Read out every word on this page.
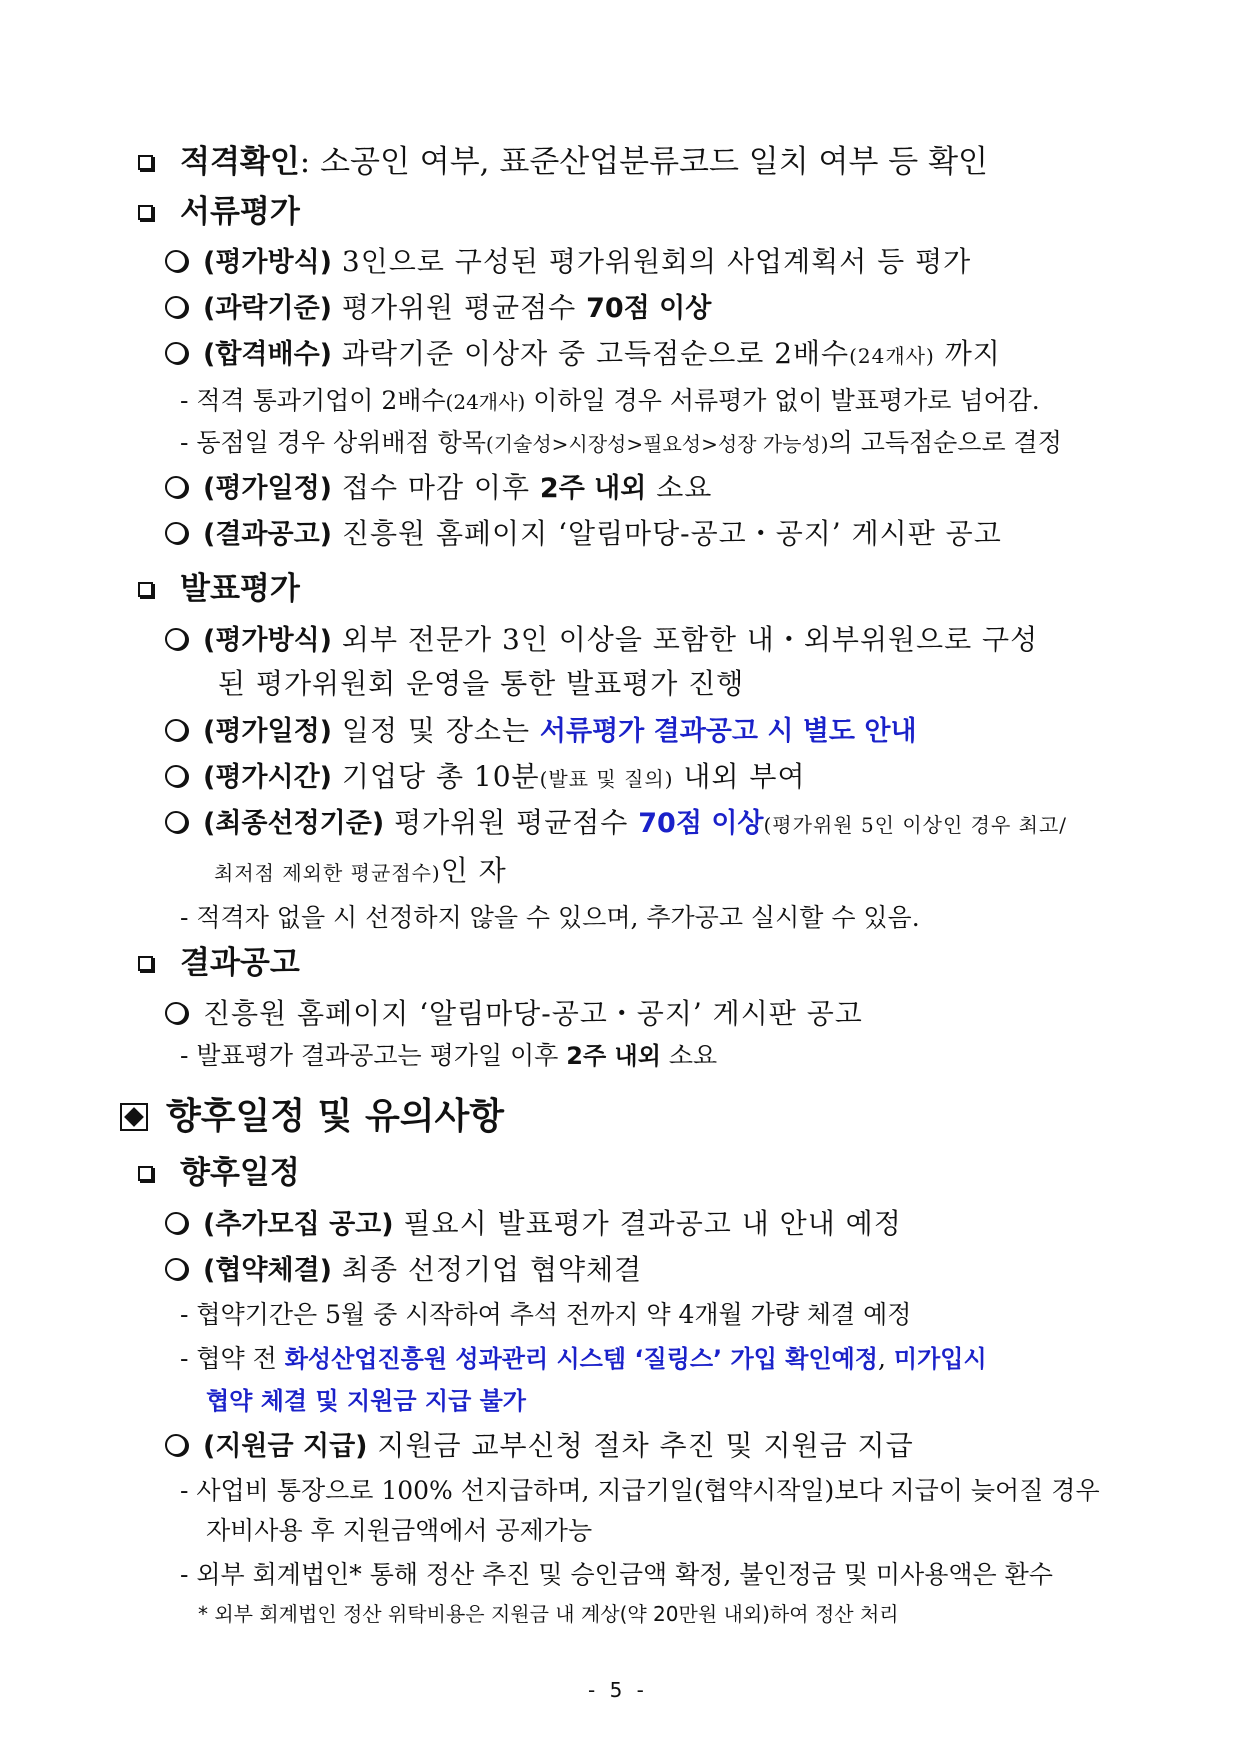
적격확인: 소공인 여부, 표준산업분류코드 일치 여부 등 확인
서류평가
(평가방식) 3인으로 구성된 평가위원회의 사업계획서 등 평가
(과락기준) 평가위원 평균점수 70점 이상
(합격배수) 과락기준 이상자 중 고득점순으로 2배수(24개사) 까지
- 적격 통과기업이 2배수(24개사) 이하일 경우 서류평가 없이 발표평가로 넘어감.
- 동점일 경우 상위배점 항목(기술성>시장성>필요성>성장 가능성)의 고득점순으로 결정
(평가일정) 접수 마감 이후 2주 내외 소요
(결과공고) 진흥원 홈페이지 ‘알림마당-공고・공지’ 게시판 공고
발표평가
(평가방식) 외부 전문가 3인 이상을 포함한 내・외부위원으로 구성
된 평가위원회 운영을 통한 발표평가 진행
(평가일정) 일정 및 장소는 서류평가 결과공고 시 별도 안내
(평가시간) 기업당 총 10분(발표 및 질의) 내외 부여
(최종선정기준) 평가위원 평균점수 70점 이상(평가위원 5인 이상인 경우 최고/
최저점 제외한 평균점수)인 자
- 적격자 없을 시 선정하지 않을 수 있으며, 추가공고 실시할 수 있음.
결과공고
진흥원 홈페이지 ‘알림마당-공고・공지’ 게시판 공고
- 발표평가 결과공고는 평가일 이후 2주 내외 소요
향후일정 및 유의사항
향후일정
(추가모집 공고) 필요시 발표평가 결과공고 내 안내 예정
(협약체결) 최종 선정기업 협약체결
- 협약기간은 5월 중 시작하여 추석 전까지 약 4개월 가량 체결 예정
- 협약 전 화성산업진흥원 성과관리 시스템 ‘질링스’ 가입 확인예정, 미가입시
협약 체결 및 지원금 지급 불가
(지원금 지급) 지원금 교부신청 절차 추진 및 지원금 지급
- 사업비 통장으로 100% 선지급하며, 지급기일(협약시작일)보다 지급이 늦어질 경우
자비사용 후 지원금액에서 공제가능
- 외부 회계법인* 통해 정산 추진 및 승인금액 확정, 불인정금 및 미사용액은 환수
* 외부 회계법인 정산 위탁비용은 지원금 내 계상(약 20만원 내외)하여 정산 처리
- 5 -
